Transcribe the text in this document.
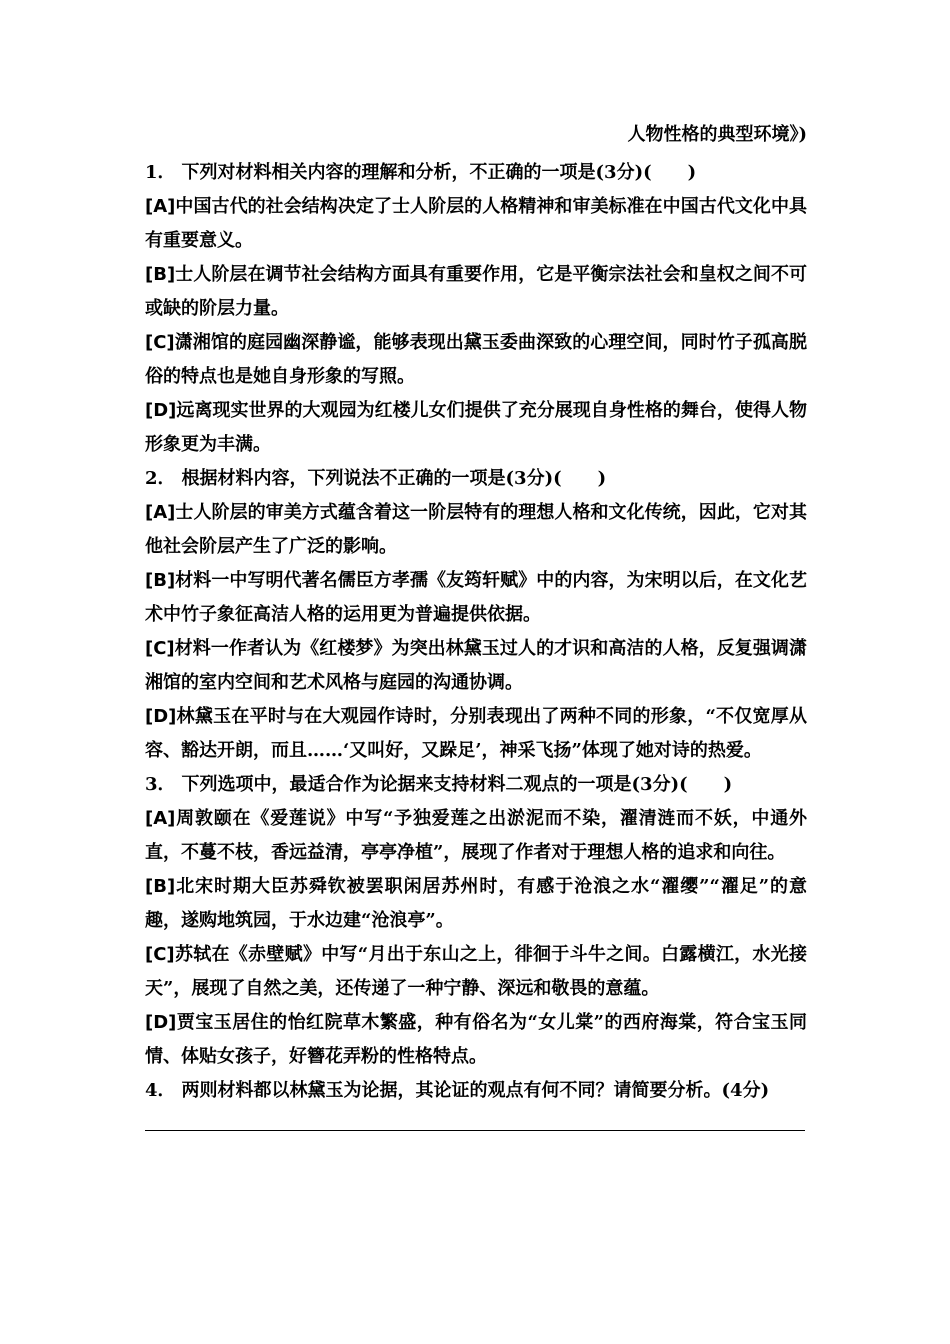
人物性格的典型环境》)

1． 下列对材料相关内容的理解和分析，不正确的一项是(3分)(　　)

[A]中国古代的社会结构决定了士人阶层的人格精神和审美标准在中国古代文化中具有重要意义。

[B]士人阶层在调节社会结构方面具有重要作用，它是平衡宗法社会和皇权之间不可或缺的阶层力量。

[C]潇湘馆的庭园幽深静谧，能够表现出黛玉委曲深致的心理空间，同时竹子孤高脱俗的特点也是她自身形象的写照。

[D]远离现实世界的大观园为红楼儿女们提供了充分展现自身性格的舞台，使得人物形象更为丰满。

2． 根据材料内容，下列说法不正确的一项是(3分)(　　)

[A]士人阶层的审美方式蕴含着这一阶层特有的理想人格和文化传统，因此，它对其他社会阶层产生了广泛的影响。

[B]材料一中写明代著名儒臣方孝孺《友筠轩赋》中的内容，为宋明以后，在文化艺术中竹子象征高洁人格的运用更为普遍提供依据。

[C]材料一作者认为《红楼梦》为突出林黛玉过人的才识和高洁的人格，反复强调潇湘馆的室内空间和艺术风格与庭园的沟通协调。

[D]林黛玉在平时与在大观园作诗时，分别表现出了两种不同的形象，“不仅宽厚从容、豁达开朗，而且……‘又叫好，又跺足’，神采飞扬”体现了她对诗的热爱。

3． 下列选项中，最适合作为论据来支持材料二观点的一项是(3分)(　　)

[A]周敦颐在《爱莲说》中写“予独爱莲之出淤泥而不染，濯清涟而不妖，中通外直，不蔓不枝，香远益清，亭亭净植”，展现了作者对于理想人格的追求和向往。

[B]北宋时期大臣苏舜钦被罢职闲居苏州时，有感于沧浪之水“濯缨”“濯足”的意趣，遂购地筑园，于水边建“沧浪亭”。

[C]苏轼在《赤壁赋》中写“月出于东山之上，徘徊于斗牛之间。白露横江，水光接天”，展现了自然之美，还传递了一种宁静、深远和敬畏的意蕴。

[D]贾宝玉居住的怡红院草木繁盛，种有俗名为“女儿棠”的西府海棠，符合宝玉同情、体贴女孩子，好簪花弄粉的性格特点。

4． 两则材料都以林黛玉为论据，其论证的观点有何不同？请简要分析。(4分)
